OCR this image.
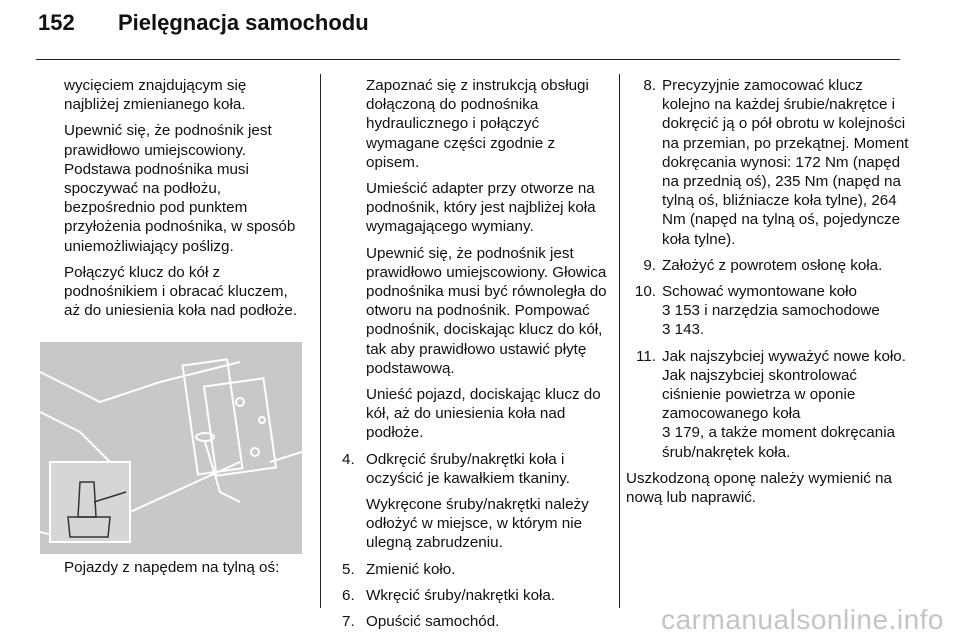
152 Pielęgnacja samochodu

wycięciem znajdującym się najbliżej zmienianego koła.

Upewnić się, że podnośnik jest prawidłowo umiejscowiony. Podstawa podnośnika musi spoczywać na podłożu, bezpośrednio pod punktem przyłożenia podnośnika, w sposób uniemożliwiający poślizg.

Połączyć klucz do kół z podnośnikiem i obracać kluczem, aż do uniesienia koła nad podłoże.

Pojazdy z napędem na tylną oś:

Zapoznać się z instrukcją obsługi dołączoną do podnośnika hydraulicznego i połączyć wymagane części zgodnie z opisem.

Umieścić adapter przy otworze na podnośnik, który jest najbliżej koła wymagającego wymiany.

Upewnić się, że podnośnik jest prawidłowo umiejscowiony. Głowica podnośnika musi być równoległa do otworu na podnośnik. Pompować podnośnik, dociskając klucz do kół, tak aby prawidłowo ustawić płytę podstawową.

Unieść pojazd, dociskając klucz do kół, aż do uniesienia koła nad podłoże.

4. Odkręcić śruby/nakrętki koła i oczyścić je kawałkiem tkaniny.

Wykręcone śruby/nakrętki należy odłożyć w miejsce, w którym nie ulegną zabrudzeniu.

5. Zmienić koło.
6. Wkręcić śruby/nakrętki koła.
7. Opuścić samochód.
8. Precyzyjnie zamocować klucz kolejno na każdej śrubie/nakrętce i dokręcić ją o pół obrotu w kolejności na przemian, po przekątnej. Moment dokręcania wynosi: 172 Nm (napęd na przednią oś), 235 Nm (napęd na tylną oś, bliźniacze koła tylne), 264 Nm (napęd na tylną oś, pojedyncze koła tylne).
9. Założyć z powrotem osłonę koła.
10. Schować wymontowane koło
3 153 i narzędzia samochodowe
3 143.
11. Jak najszybciej wyważyć nowe koło. Jak najszybciej skontrolować ciśnienie powietrza w oponie zamocowanego koła
3 179, a także moment dokręcania śrub/nakrętek koła.

Uszkodzoną oponę należy wymienić na nową lub naprawić.

carmanualsonline.info
